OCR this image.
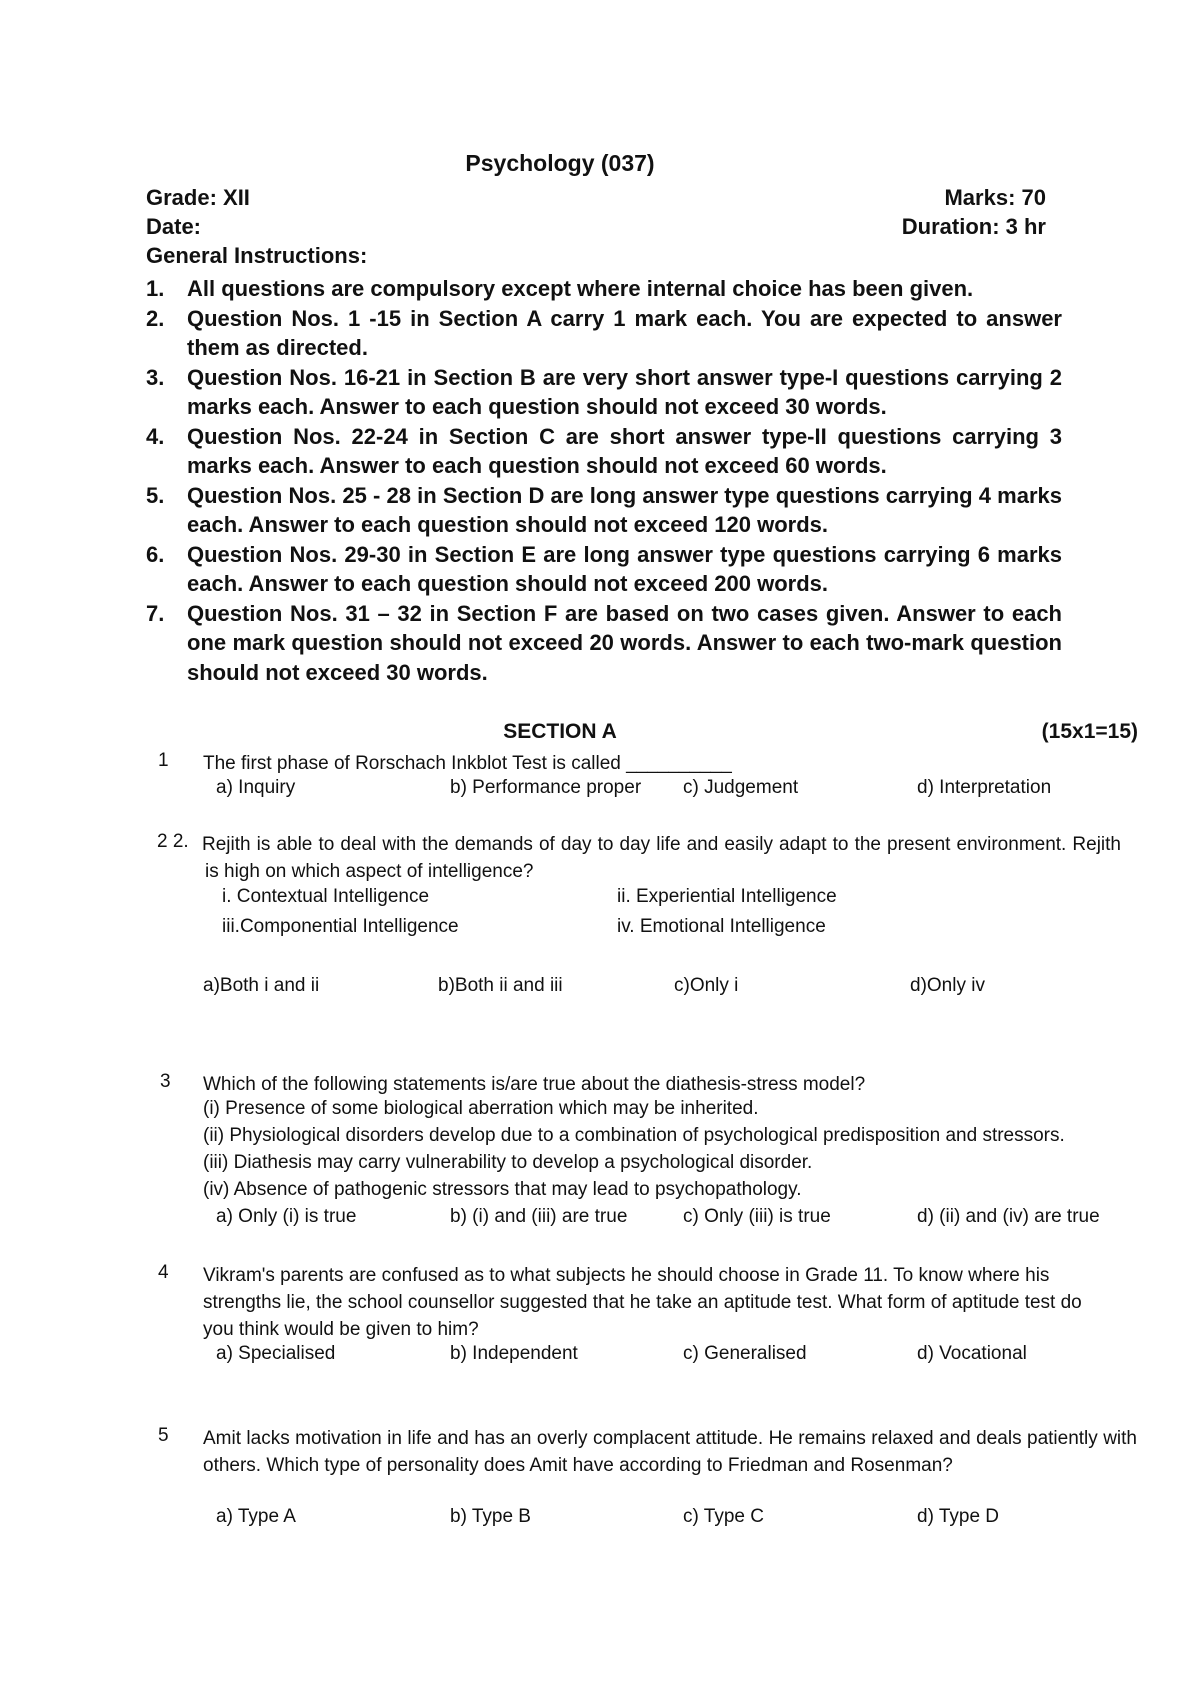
Psychology (037)
Grade: XII	Marks: 70
Date:	Duration: 3 hr
General Instructions:
1. All questions are compulsory except where internal choice has been given.
2. Question Nos. 1 -15 in Section A carry 1 mark each. You are expected to answer them as directed.
3. Question Nos. 16-21 in Section B are very short answer type-I questions carrying 2 marks each. Answer to each question should not exceed 30 words.
4. Question Nos. 22-24 in Section C are short answer type-II questions carrying 3 marks each. Answer to each question should not exceed 60 words.
5. Question Nos. 25 - 28 in Section D are long answer type questions carrying 4 marks each. Answer to each question should not exceed 120 words.
6. Question Nos. 29-30 in Section E are long answer type questions carrying 6 marks each. Answer to each question should not exceed 200 words.
7. Question Nos. 31 – 32 in Section F are based on two cases given. Answer to each one mark question should not exceed 20 words. Answer to each two-mark question should not exceed 30 words.
SECTION A	(15x1=15)
1 The first phase of Rorschach Inkblot Test is called __________
a) Inquiry	b) Performance proper c) Judgement	d) Interpretation
2 2. Rejith is able to deal with the demands of day to day life and easily adapt to the present environment. Rejith is high on which aspect of intelligence?
i. Contextual Intelligence	ii. Experiential Intelligence
iii.Componential Intelligence	iv. Emotional Intelligence
a)Both i and ii	b)Both ii and iii	c)Only i	d)Only iv
3 Which of the following statements is/are true about the diathesis-stress model?
(i) Presence of some biological aberration which may be inherited.
(ii) Physiological disorders develop due to a combination of psychological predisposition and stressors.
(iii) Diathesis may carry vulnerability to develop a psychological disorder.
(iv) Absence of pathogenic stressors that may lead to psychopathology.
a) Only (i) is true	b) (i) and (iii) are true	c) Only (iii) is true	d) (ii) and (iv) are true
4 Vikram's parents are confused as to what subjects he should choose in Grade 11. To know where his strengths lie, the school counsellor suggested that he take an aptitude test. What form of aptitude test do you think would be given to him?
a) Specialised	b) Independent	c) Generalised	d) Vocational
5 Amit lacks motivation in life and has an overly complacent attitude. He remains relaxed and deals patiently with others. Which type of personality does Amit have according to Friedman and Rosenman?
a) Type A	b) Type B	c) Type C	d) Type D
